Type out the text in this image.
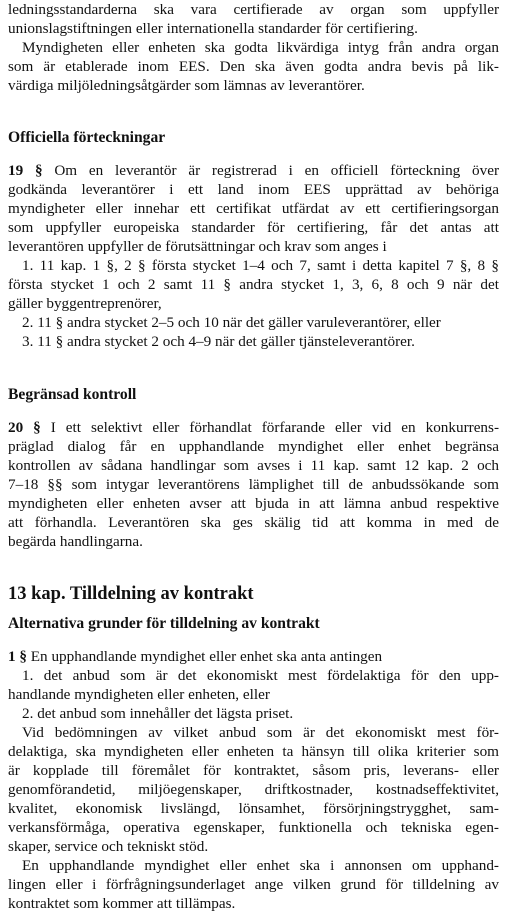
ledningsstandarderna ska vara certifierade av organ som uppfyller
unionslagstiftningen eller internationella standarder för certifiering.
Myndigheten eller enheten ska godta likvärdiga intyg från andra organ
som är etablerade inom EES. Den ska även godta andra bevis på lik-
värdiga miljöledningsåtgärder som lämnas av leverantörer.
Officiella förteckningar
19 § Om en leverantör är registrerad i en officiell förteckning över
godkända leverantörer i ett land inom EES upprättad av behöriga
myndigheter eller innehar ett certifikat utfärdat av ett certifieringsorgan
som uppfyller europeiska standarder för certifiering, får det antas att
leverantören uppfyller de förutsättningar och krav som anges i
1. 11 kap. 1 §, 2 § första stycket 1–4 och 7, samt i detta kapitel 7 §, 8 §
första stycket 1 och 2 samt 11 § andra stycket 1, 3, 6, 8 och 9 när det
gäller byggentreprenörer,
2. 11 § andra stycket 2–5 och 10 när det gäller varuleverantörer, eller
3. 11 § andra stycket 2 och 4–9 när det gäller tjänsteleverantörer.
Begränsad kontroll
20 § I ett selektivt eller förhandlat förfarande eller vid en konkurrens-
präglad dialog får en upphandlande myndighet eller enhet begränsa
kontrollen av sådana handlingar som avses i 11 kap. samt 12 kap. 2 och
7–18 §§ som intygar leverantörens lämplighet till de anbudssökande som
myndigheten eller enheten avser att bjuda in att lämna anbud respektive
att förhandla. Leverantören ska ges skälig tid att komma in med de
begärda handlingarna.
13 kap. Tilldelning av kontrakt
Alternativa grunder för tilldelning av kontrakt
1 § En upphandlande myndighet eller enhet ska anta antingen
1. det anbud som är det ekonomiskt mest fördelaktiga för den upp-
handlande myndigheten eller enheten, eller
2. det anbud som innehåller det lägsta priset.
Vid bedömningen av vilket anbud som är det ekonomiskt mest för-
delaktiga, ska myndigheten eller enheten ta hänsyn till olika kriterier som
är kopplade till föremålet för kontraktet, såsom pris, leverans- eller
genomförandetid, miljöegenskaper, driftkostnader, kostnadseffektivitet,
kvalitet, ekonomisk livslängd, lönsamhet, försörjningstrygghet, sam-
verkansförmåga, operativa egenskaper, funktionella och tekniska egen-
skaper, service och tekniskt stöd.
En upphandlande myndighet eller enhet ska i annonsen om upphand-
lingen eller i förfrågningsunderlaget ange vilken grund för tilldelning av
kontraktet som kommer att tillämpas.
